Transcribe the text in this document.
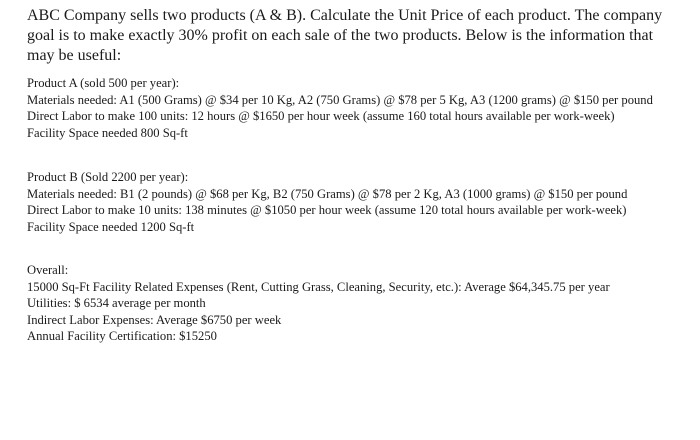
ABC Company sells two products (A & B). Calculate the Unit Price of each product. The company goal is to make exactly 30% profit on each sale of the two products. Below is the information that may be useful:

Product A (sold 500 per year):

Materials needed: A1 (500 Grams) @ $34 per 10 Kg, A2 (750 Grams) @ $78 per 5 Kg, A3 (1200 grams) @ $150 per pound

Direct Labor to make 100 units: 12 hours @ $1650 per hour week (assume 160 total hours available per work-week)

Facility Space needed 800 Sq-ft

Product B (Sold 2200 per year):

Materials needed: B1 (2 pounds) @ $68 per Kg, B2 (750 Grams) @ $78 per 2 Kg, A3 (1000 grams) @ $150 per pound

Direct Labor to make 10 units: 138 minutes @ $1050 per hour week (assume 120 total hours available per work-week)

Facility Space needed 1200 Sq-ft

Overall:

15000 Sq-Ft Facility Related Expenses (Rent, Cutting Grass, Cleaning, Security, etc.): Average $64,345.75 per year

Utilities: $ 6534 average per month

Indirect Labor Expenses: Average $6750 per week

Annual Facility Certification: $15250
